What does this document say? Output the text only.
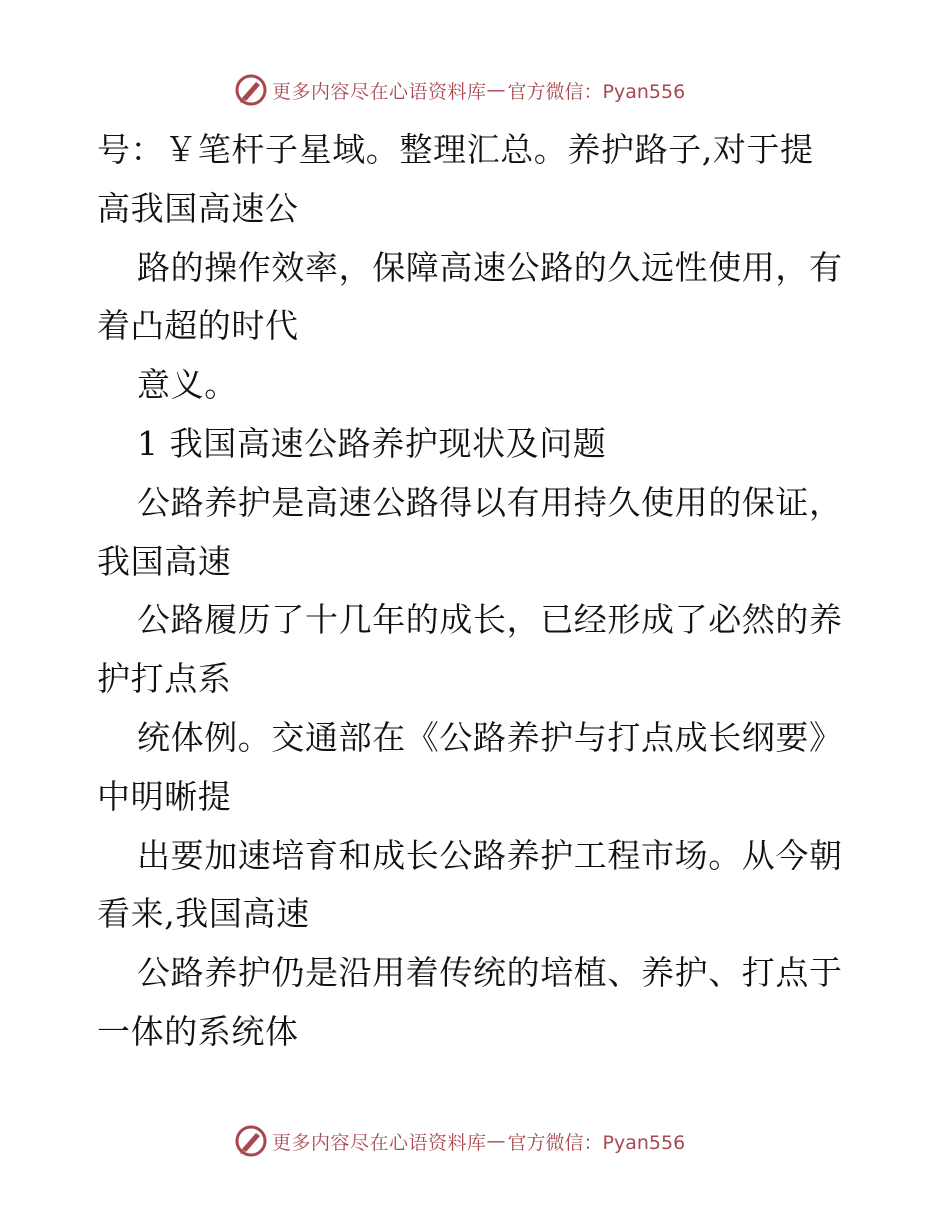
更多内容尽在心语资料库 — 官方微信：Pyan556
号：￥笔杆子星域。整理汇总。养护路子,对于提
高我国高速公
路的操作效率，保障高速公路的久远性使用，有
着凸超的时代
意义。
1 我国高速公路养护现状及问题
公路养护是高速公路得以有用持久使用的保证，
我国高速
公路履历了十几年的成长，已经形成了必然的养
护打点系
统体例。交通部在《公路养护与打点成长纲要》
中明晰提
出要加速培育和成长公路养护工程市场。从今朝
看来,我国高速
公路养护仍是沿用着传统的培植、养护、打点于
一体的系统体
更多内容尽在心语资料库 — 官方微信：Pyan556
